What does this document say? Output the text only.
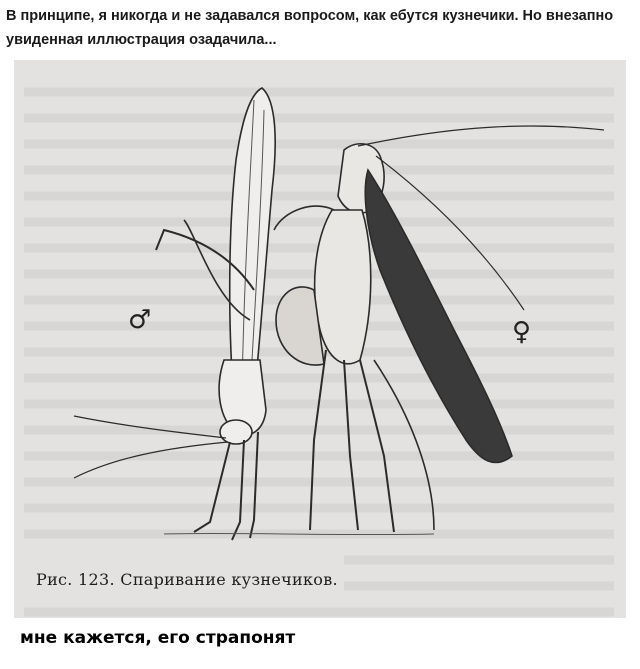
В принципе, я никогда и не задавался вопросом, как ебутся кузнечики. Но внезапно увиденная иллюстрация озадачила...
♂	♀
Рис. 123. Спаривание кузнечиков.
мне кажется, его страпонят
